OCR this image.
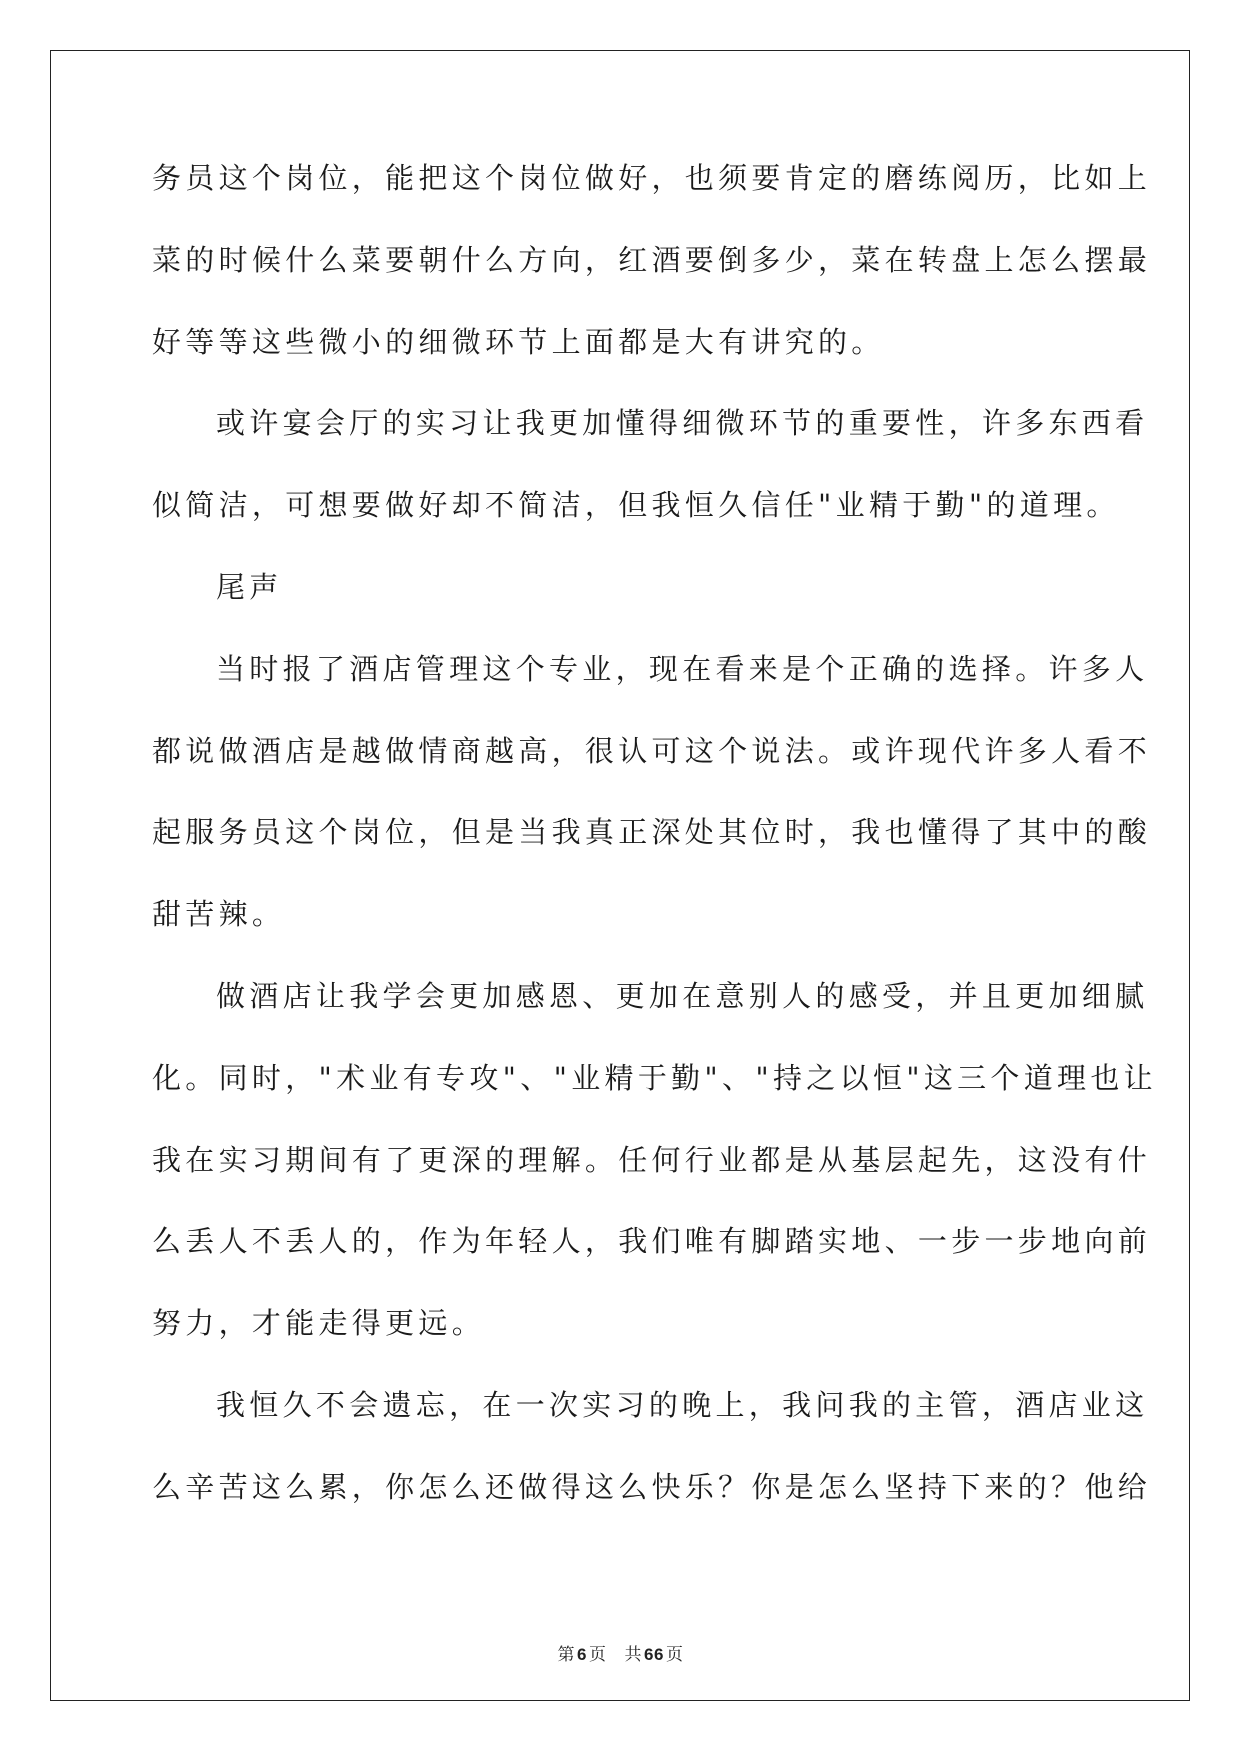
务员这个岗位，能把这个岗位做好，也须要肯定的磨练阅历，比如上
菜的时候什么菜要朝什么方向，红酒要倒多少，菜在转盘上怎么摆最
好等等这些微小的细微环节上面都是大有讲究的。
或许宴会厅的实习让我更加懂得细微环节的重要性，许多东西看
似简洁，可想要做好却不简洁，但我恒久信任"业精于勤"的道理。
尾声
当时报了酒店管理这个专业，现在看来是个正确的选择。许多人
都说做酒店是越做情商越高，很认可这个说法。或许现代许多人看不
起服务员这个岗位，但是当我真正深处其位时，我也懂得了其中的酸
甜苦辣。
做酒店让我学会更加感恩、更加在意别人的感受，并且更加细腻
化。同时，"术业有专攻"、"业精于勤"、"持之以恒"这三个道理也让
我在实习期间有了更深的理解。任何行业都是从基层起先，这没有什
么丢人不丢人的，作为年轻人，我们唯有脚踏实地、一步一步地向前
努力，才能走得更远。
我恒久不会遗忘，在一次实习的晚上，我问我的主管，酒店业这
么辛苦这么累，你怎么还做得这么快乐？你是怎么坚持下来的？他给
第 6 页 共 66 页
